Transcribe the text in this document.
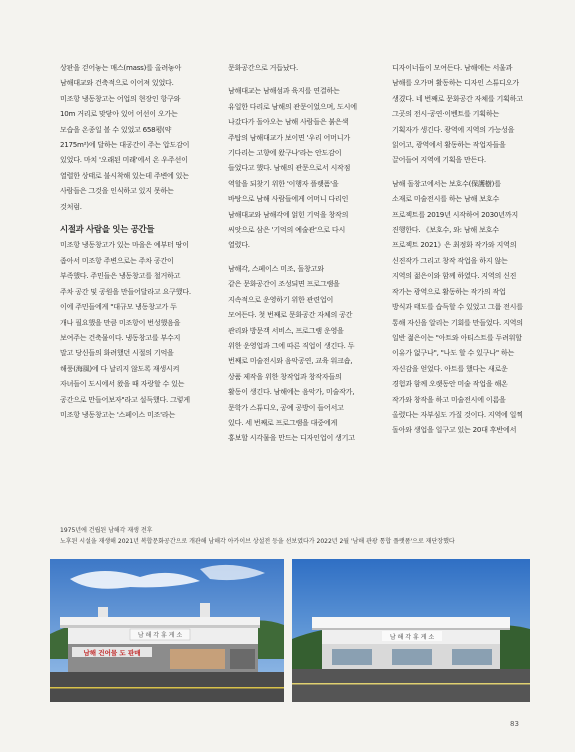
상판을 걷어놓는 매스(mass)를 올려놓아

남해대교와 건축적으로 이어져 있었다.

미조항 냉동창고는 어업의 현장인 항구와

10m 거리로 맞닿아 있어 어선이 오가는

모습을 온종일 볼 수 있었고 658평(약

2175m²)에 달하는 대공간이 주는 압도감이

있었다. 마치 '오래된 미래'에서 온 우주선이

열렬한 상태로 불시착해 있는데 주변에 있는

사람들은 그것을 인식하고 있지 못하는

것처럼.

시절과 사람을 잇는 공간들

미조항 냉동창고가 있는 마을은 예부터 땅이

좁아서 미조항 주변으로는 주차 공간이

부족했다. 주민들은 냉동창고를 철거하고

주차 공간 및 공원을 만들어달라고 요구했다.

이에 주민들에게 "대규모 냉동창고가 두

개나 필요했을 만큼 미조항이 번성했음을

보여주는 건축물이다. 냉동창고를 부수지

말고 당신들의 화려했던 시절의 기억을

해풍(海風)에 다 날리지 않도록 재생시켜

자녀들이 도시에서 왔을 때 자랑할 수 있는

공간으로 만들어보자"라고 설득했다. 그렇게

미조항 냉동창고는 '스페이스 미조'라는

문화공간으로 거듭났다.

남해대교는 남해섬과 육지를 연결하는

유일한 다리로 남해의 관문이었으며, 도시에

나갔다가 돌아오는 남해 사람들은 붉은색

주탑의 남해대교가 보이면 '우리 어머니가

기다리는 고향에 왔구나'라는 안도감이

들었다고 했다. 남해의 관문으로서 시작점

역할을 되찾기 위한 '이행자 플랫폼'을

바탕으로 남해 사람들에게 어머니 다리인

남해대교와 남해각에 얽힌 기억을 창작의

씨앗으로 삼은 '기억의 예술관'으로 다시

열렸다.

남해각, 스페이스 미조, 돌창고와

같은 문화공간이 조성되면 프로그램을

지속적으로 운영하기 위한 관련업이

모여든다. 첫 번째로 문화공간 자체의 공간

관리와 방문객 서비스, 프로그램 운영을

위한 운영업과 그에 따른 직업이 생긴다. 두

번째로 미술전시와 음악공연, 교육 워크숍,

상품 제작을 위한 창작업과 창작자들의

활동이 생긴다. 남해에는 음악가, 미술작가,

문학가 스튜디오, 공예 공방이 들어서고

있다. 세 번째로 프로그램을 대중에게

홍보할 시각물을 만드는 디자인업이 생기고

디자이너들이 모여든다. 남해에는 서울과

남해를 오가며 활동하는 디자인 스튜디오가

생겼다. 네 번째로 문화공간 자체를 기획하고

그곳의 전시·공연·이벤트를 기획하는

기획자가 생긴다. 광역에 지역의 가능성을

읽어고, 광역에서 활동하는 작업자들을

끌어들여 지역에 기획을 만든다.

남해 돌창고에서는 보호수(保護樹)를

소재로 미술전시를 하는 남해 보호수

프로젝트를 2019년 시작하여 2030년까지

진행한다. 《보호수, 와: 남해 보호수

프로젝트 2021》은 최정화 작가와 지역의

신진작가 그리고 창작 작업을 하지 않는

지역의 젊은이와 함께 하였다. 지역의 신진

작가는 광역으로 활동하는 작가의 작업

방식과 태도를 습득할 수 있었고 그룹 전시를

통해 자신을 알리는 기회를 만들었다. 지역의

일반 젊은이는 "아트와 아티스트를 두려워할

이유가 없구나", "나도 할 수 있구나" 하는

자신감을 얻었다. 아트를 했다는 새로운

경험과 함께 오랫동안 미술 작업을 해온

작가와 창작을 하고 미술전시에 이름을

올렸다는 자부심도 가질 것이다. 지역에 일찍

돌아와 생업을 일구고 있는 20대 후반에서

1975년에 건립된 남해각 재생 전후

노후된 시설을 재생해 2021년 복합문화공간으로 개관해 남해각 아카이브 상설전 등을 선보였다가 2022년 2월 '남해 관광 통합 플랫폼'으로 재단장했다

남 해 각 휴 게 소
남해 건어물 도 판매
남 해 각 휴 게 소
83
